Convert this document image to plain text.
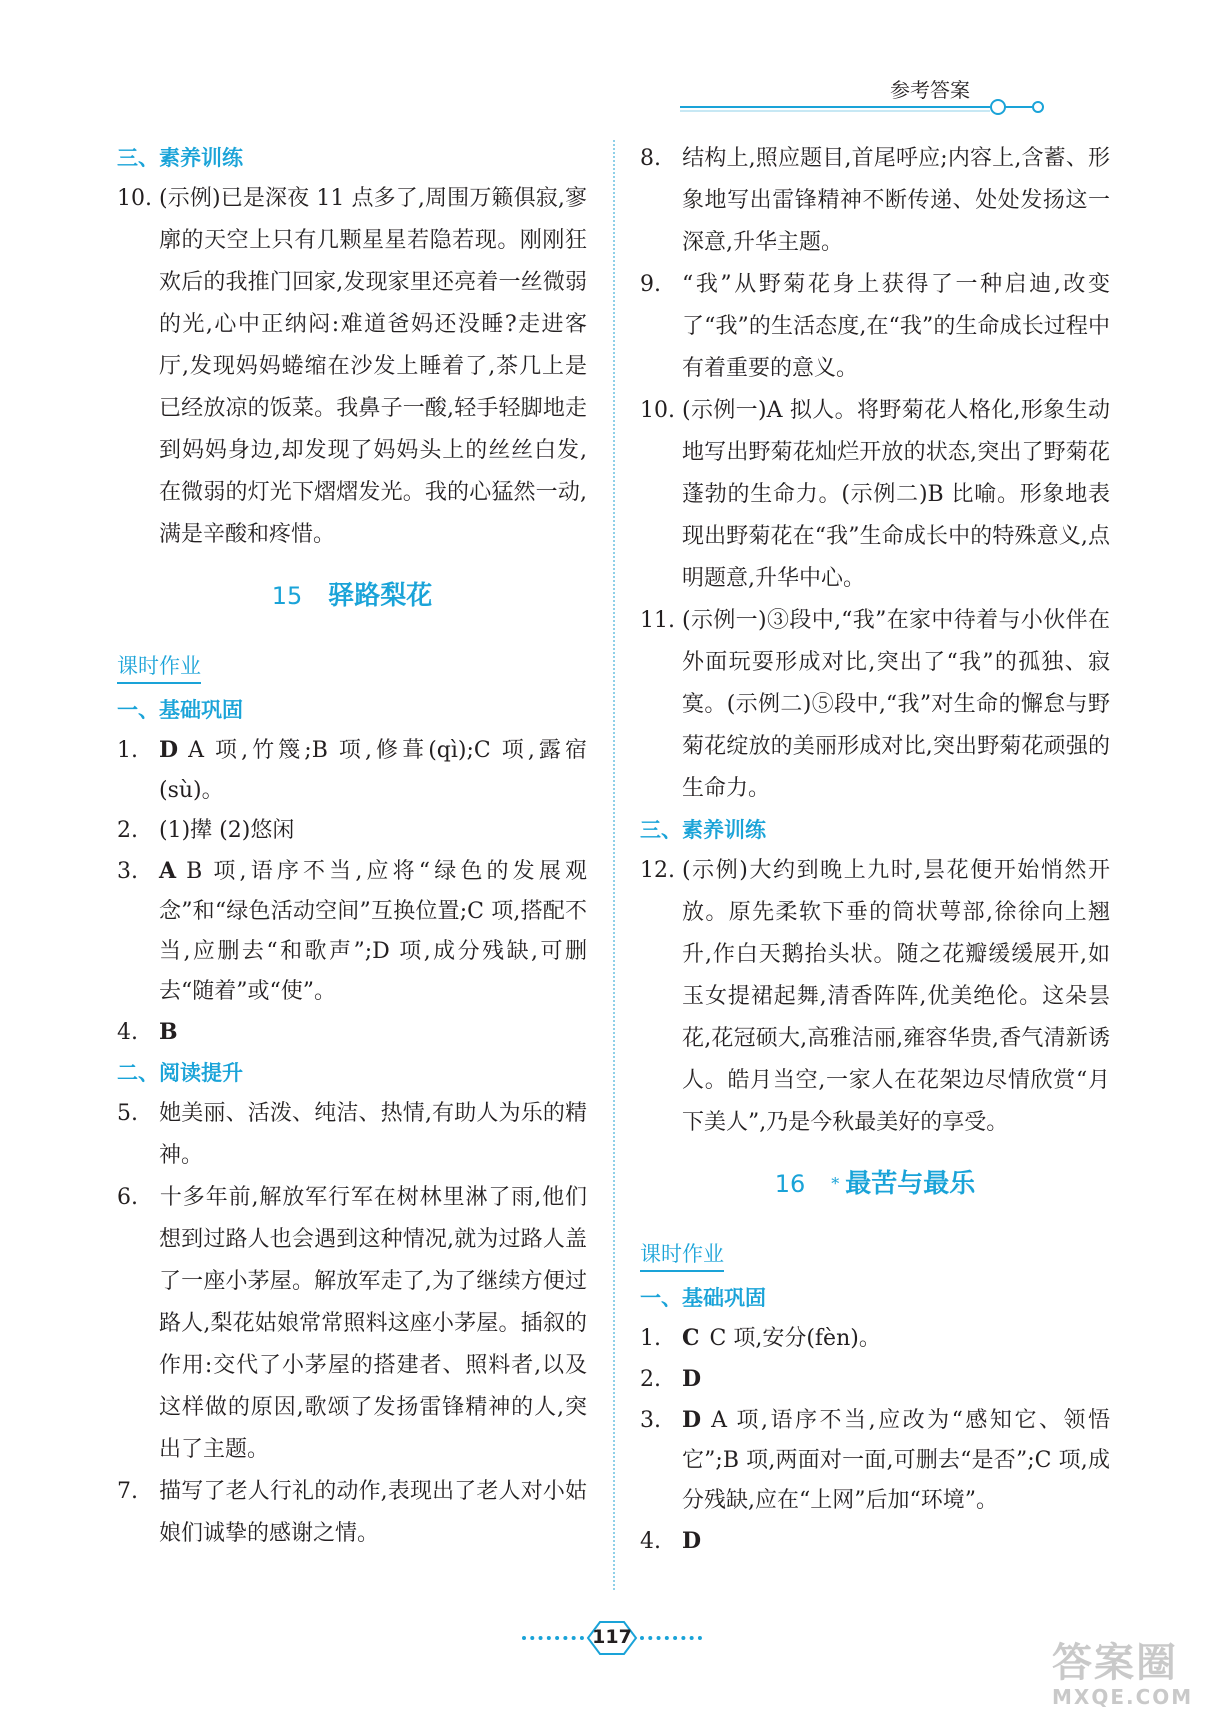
参考答案
三、素养训练

10. (示例)已是深夜 11 点多了,周围万籁俱寂,寥廓的天空上只有几颗星星若隐若现。刚刚狂欢后的我推门回家,发现家里还亮着一丝微弱的光,心中正纳闷:难道爸妈还没睡?走进客厅,发现妈妈蜷缩在沙发上睡着了,茶几上是已经放凉的饭菜。我鼻子一酸,轻手轻脚地走到妈妈身边,却发现了妈妈头上的丝丝白发,在微弱的灯光下熠熠发光。我的心猛然一动,满是辛酸和疼惜。

15 驿路梨花
课时作业
一、基础巩固

1. D A 项,竹篾;B 项,修葺(qì);C 项,露宿(sù)。

2. (1)撵 (2)悠闲

3. A B 项,语序不当,应将“绿色的发展观念”和“绿色活动空间”互换位置;C 项,搭配不当,应删去“和歌声”;D 项,成分残缺,可删去“随着”或“使”。

4. B

二、阅读提升

5. 她美丽、活泼、纯洁、热情,有助人为乐的精神。

6. 十多年前,解放军行军在树林里淋了雨,他们想到过路人也会遇到这种情况,就为过路人盖了一座小茅屋。解放军走了,为了继续方便过路人,梨花姑娘常常照料这座小茅屋。插叙的作用:交代了小茅屋的搭建者、照料者,以及这样做的原因,歌颂了发扬雷锋精神的人,突出了主题。

7. 描写了老人行礼的动作,表现出了老人对小姑娘们诚挚的感谢之情。

8. 结构上,照应题目,首尾呼应;内容上,含蓄、形象地写出雷锋精神不断传递、处处发扬这一深意,升华主题。

9. “我”从野菊花身上获得了一种启迪,改变了“我”的生活态度,在“我”的生命成长过程中有着重要的意义。

10. (示例一)A 拟人。将野菊花人格化,形象生动地写出野菊花灿烂开放的状态,突出了野菊花蓬勃的生命力。(示例二)B 比喻。形象地表现出野菊花在“我”生命成长中的特殊意义,点明题意,升华中心。

11. (示例一)③段中,“我”在家中待着与小伙伴在外面玩耍形成对比,突出了“我”的孤独、寂寞。(示例二)⑤段中,“我”对生命的懈怠与野菊花绽放的美丽形成对比,突出野菊花顽强的生命力。

三、素养训练

12. (示例)大约到晚上九时,昙花便开始悄然开放。原先柔软下垂的筒状萼部,徐徐向上翘升,作白天鹅抬头状。随之花瓣缓缓展开,如玉女提裙起舞,清香阵阵,优美绝伦。这朵昙花,花冠硕大,高雅洁丽,雍容华贵,香气清新诱人。皓月当空,一家人在花架边尽情欣赏“月下美人”,乃是今秋最美好的享受。

16 * 最苦与最乐
课时作业
一、基础巩固

1. C C 项,安分(fèn)。

2. D

3. D A 项,语序不当,应改为“感知它、领悟它”;B 项,两面对一面,可删去“是否”;C 项,成分残缺,应在“上网”后加“环境”。

4. D

117
答案圈
MXQE.COM
